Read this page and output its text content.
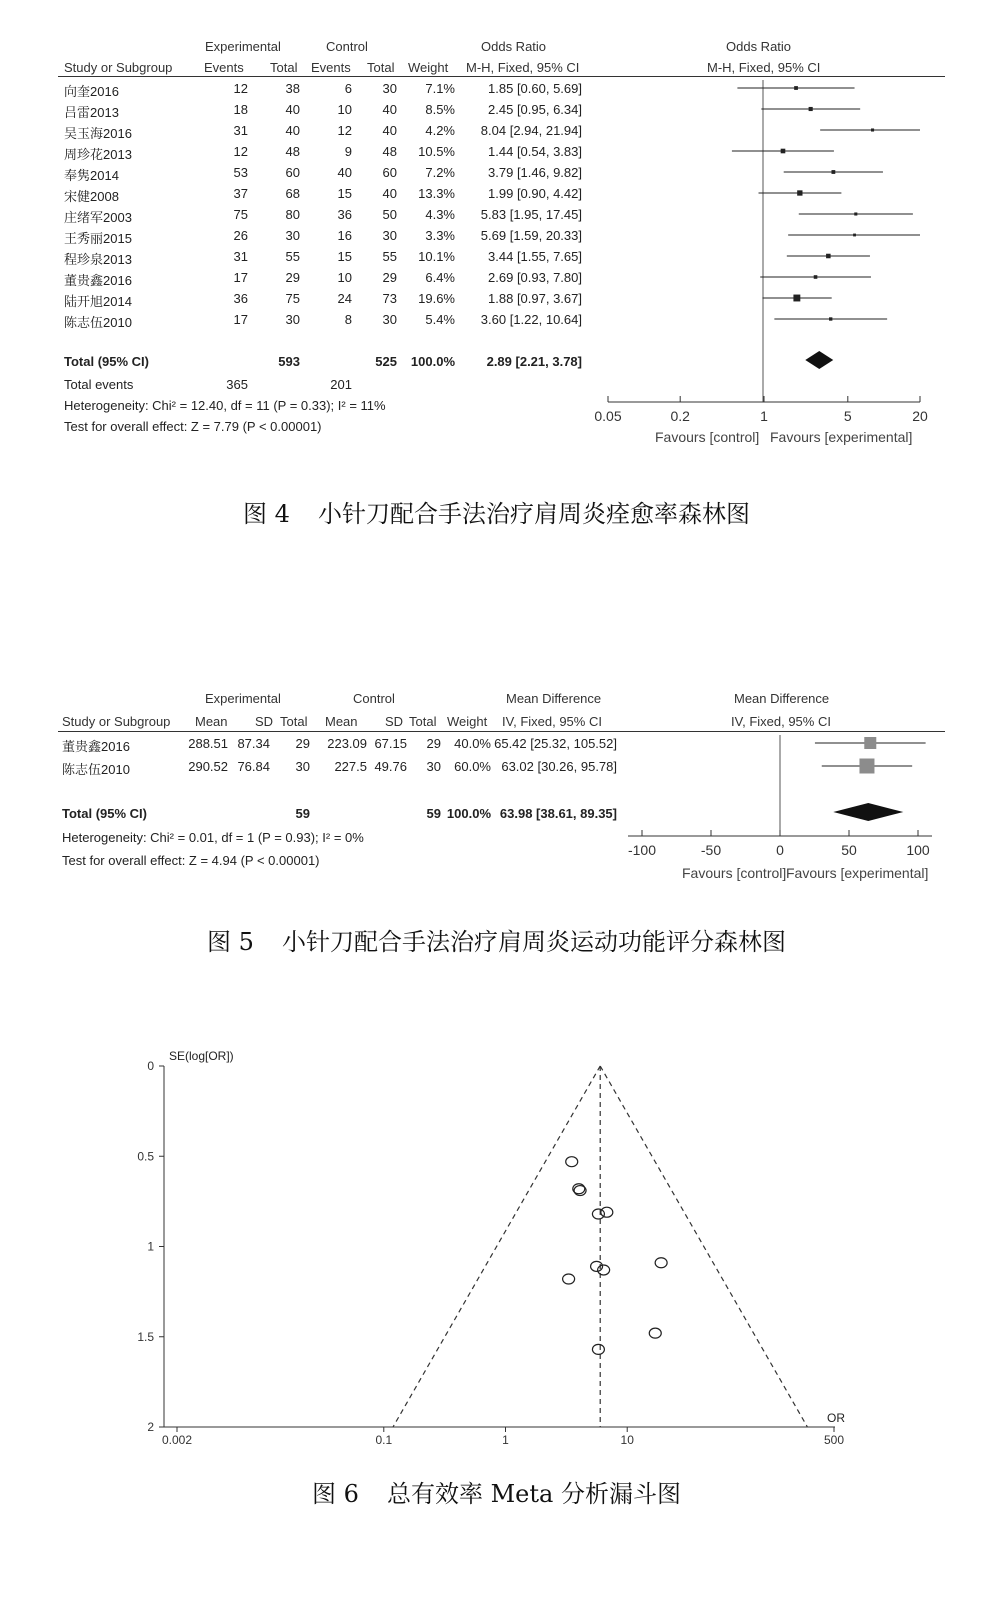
Experimental	Control	Odds Ratio	Odds Ratio
Study or Subgroup Events Total Events Total Weight M-H, Fixed, 95% CI	M-H, Fixed, 95% CI
向奎2016	12	38	6	30	7.1%	1.85 [0.60, 5.69]
吕雷2013	18	40	10	40	8.5%	2.45 [0.95, 6.34]
吴玉海2016	31	40	12	40	4.2%	8.04 [2.94, 21.94]
周珍花2013	12	48	9	48	10.5%	1.44 [0.54, 3.83]
奉隽2014	53	60	40	60	7.2%	3.79 [1.46, 9.82]
宋健2008	37	68	15	40	13.3%	1.99 [0.90, 4.42]
庄绪军2003	75	80	36	50	4.3%	5.83 [1.95, 17.45]
王秀丽2015	26	30	16	30	3.3%	5.69 [1.59, 20.33]
程珍泉2013	31	55	15	55	10.1%	3.44 [1.55, 7.65]
董贵鑫2016	17	29	10	29	6.4%	2.69 [0.93, 7.80]
陆开旭2014	36	75	24	73	19.6%	1.88 [0.97, 3.67]
陈志伍2010	17	30	8	30	5.4%	3.60 [1.22, 10.64]
Total (95% CI)	593	525	100.0%	2.89 [2.21, 3.78]
Total events	365	201
Heterogeneity: Chi² = 12.40, df = 11 (P = 0.33); I² = 11%
Test for overall effect: Z = 7.79 (P < 0.00001)
0.05	0.2	1	5	20
Favours [control] Favours [experimental]
图 4 小针刀配合手法治疗肩周炎痊愈率森林图
Experimental	Control	Mean Difference	Mean Difference
Study or Subgroup Mean SD Total Mean SD Total Weight IV, Fixed, 95% CI	IV, Fixed, 95% CI
董贵鑫2016	288.51 87.34	29	223.09 67.15	29	40.0% 65.42 [25.32, 105.52]
陈志伍2010	290.52 76.84	30	227.5 49.76	30	60.0% 63.02 [30.26, 95.78]
Total (95% CI)	59	59 100.0% 63.98 [38.61, 89.35]
Heterogeneity: Chi² = 0.01, df = 1 (P = 0.93); I² = 0%
Test for overall effect: Z = 4.94 (P < 0.00001)
-100	-50	0	50	100
Favours [control] Favours [experimental]
图 5 小针刀配合手法治疗肩周炎运动功能评分森林图
SE(log[OR])
OR
0
0.5
1
1.5
2
0.002	0.1	1	10	500
图 6 总有效率 Meta 分析漏斗图
